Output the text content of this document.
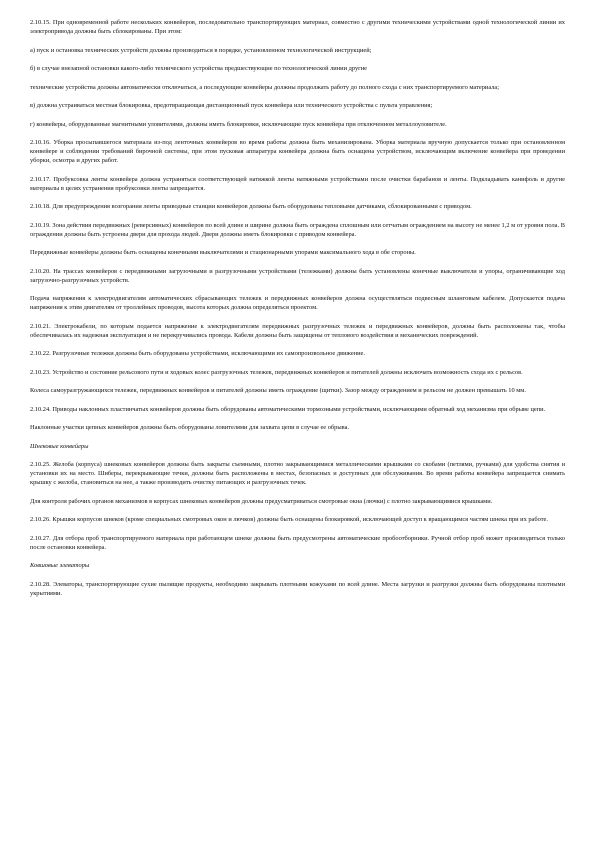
2.10.15. При одновременной работе нескольких конвейеров, последовательно транспортирующих материал, совместно с другими техническими устройствами одной технологической линии их электропривода должны быть сблокированы. При этом:

а) пуск и остановка технических устройств должны производиться в порядке, установленном технологической инструкцией;

б) в случае внезапной остановки какого-либо технического устройства предшествующие по технологической линии другие

технические устройства должны автоматически отключаться, а последующие конвейеры должны продолжать работу до полного схода с них транспортируемого материала;

в) должна устраиваться местная блокировка, предотвращающая дистанционный пуск конвейера или технического устройства с пульта управления;

г) конвейеры, оборудованные магнитными уловителями, должны иметь блокировки, исключающие пуск конвейера при отключенном металлоуловителе.

2.10.16. Уборка просыпавшегося материала из-под ленточных конвейеров во время работы должна быть механизирована. Уборка материала вручную допускается только при остановленном конвейере и соблюдении требований бирочной системы, при этом пусковая аппаратура конвейера должна быть оснащена устройством, исключающим включение конвейера при проведении уборки, осмотра и других работ.

2.10.17. Пробуксовка ленты конвейера должна устраняться соответствующей натяжкой ленты натяжными устройствами после очистки барабанов и ленты. Подкладывать канифоль и другие материалы в целях устранения пробуксовки ленты запрещается.

2.10.18. Для предупреждения возгорания ленты приводные станции конвейеров должны быть оборудованы тепловыми датчиками, сблокированными с приводом.

2.10.19. Зона действия передвижных (реверсивных) конвейеров по всей длине и ширине должна быть ограждена сплошным или сетчатым ограждением на высоту не менее 1,2 м от уровня пола. В ограждении должны быть устроены двери для прохода людей. Двери должны иметь блокировки с приводом конвейера.

Передвижные конвейеры должны быть оснащены конечными выключателями и стационарными упорами максимального хода в обе стороны.

2.10.20. На трассах конвейеров с передвижными загрузочными и разгрузочными устройствами (тележками) должны быть установлены конечные выключатели и упоры, ограничивающие ход загрузочно-разгрузочных устройств.

Подача напряжения к электродвигателям автоматических сбрасывающих тележек и передвижных конвейеров должна осуществляться подвесным шланговым кабелем. Допускается подача напряжения к этим двигателям от троллейных проводов, высота которых должна определяться проектом.

2.10.21. Электрокабели, по которым подается напряжение к электродвигателям передвижных разгрузочных тележек и передвижных конвейеров, должны быть расположены так, чтобы обеспечивалась их надежная эксплуатация и не перекручивались провода. Кабели должны быть защищены от теплового воздействия и механических повреждений.

2.10.22. Разгрузочные тележки должны быть оборудованы устройствами, исключающими их самопроизвольное движение.

2.10.23. Устройство и состояние рельсового пути и ходовых колес разгрузочных тележек, передвижных конвейеров и питателей должны исключать возможность схода их с рельсов.

Колеса самоуразгружающихся тележек, передвижных конвейеров и питателей должны иметь ограждение (щитки). Зазор между ограждением и рельсом не должен превышать 10 мм.

2.10.24. Приводы наклонных пластинчатых конвейеров должны быть оборудованы автоматическими тормозными устройствами, исключающими обратный ход механизма при обрыве цепи.

Наклонные участки цепных конвейеров должны быть оборудованы ловителями для захвата цепи в случае ее обрыва.

Шнековые конвейеры

2.10.25. Желоба (корпуса) шнековых конвейеров должны быть закрыты съемными, плотно закрывающимися металлическими крышками со скобами (петлями, ручками) для удобства снятия и установки их на место. Шиберы, перекрывающие течки, должны быть расположены в местах, безопасных и доступных для обслуживания. Во время работы конвейера запрещается снимать крышку с желоба, становиться на нее, а также производить очистку питающих и разгрузочных течек.

Для контроля рабочих органов механизмов в корпусах шнековых конвейеров должны предусматриваться смотровые окна (лючки) с плотно закрывающимися крышками.

2.10.26. Крышки корпусов шнеков (кроме специальных смотровых окон и лючков) должны быть оснащены блокировкой, исключающей доступ к вращающимся частям шнека при их работе.

2.10.27. Для отбора проб транспортируемого материала при работающем шнеке должны быть предусмотрены автоматические пробоотборники. Ручной отбор проб может производиться только после остановки конвейера.

Ковшовые элеваторы

2.10.28. Элеваторы, транспортирующие сухие пылящие продукты, необходимо закрывать плотными кожухами по всей длине. Места загрузки и разгрузки должны быть оборудованы плотными укрытиями.
